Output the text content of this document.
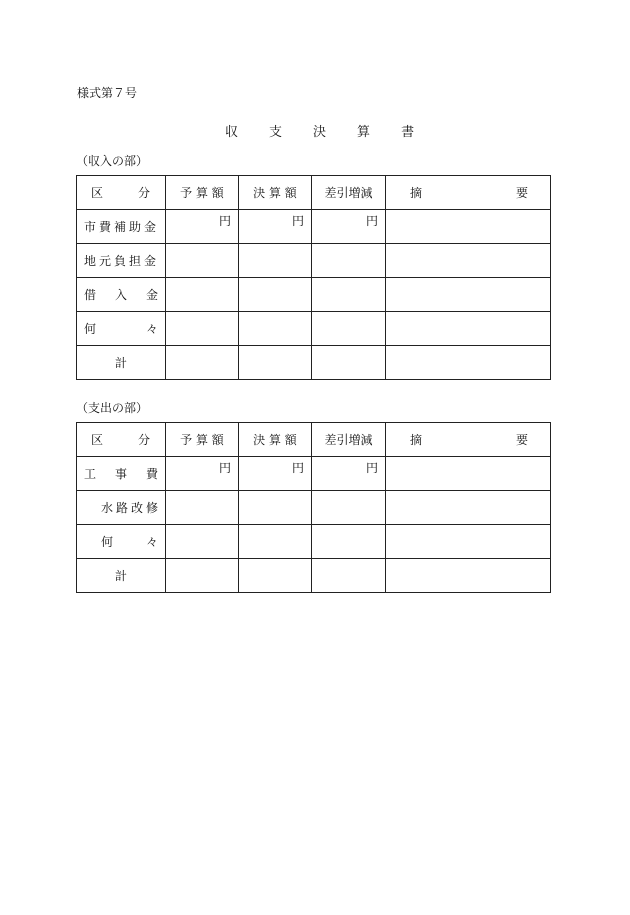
様式第７号
収 支 決 算 書
（収入の部）
区 分	予 算 額	決 算 額	差引増減	摘 要

市費補助金	円	円	円	

地元負担金				

借 入 金				

何 々				

計				

（支出の部）
区 分	予 算 額	決 算 額	差引増減	摘 要

工 事 費	円	円	円	

水路改修				

何 々				

計				
